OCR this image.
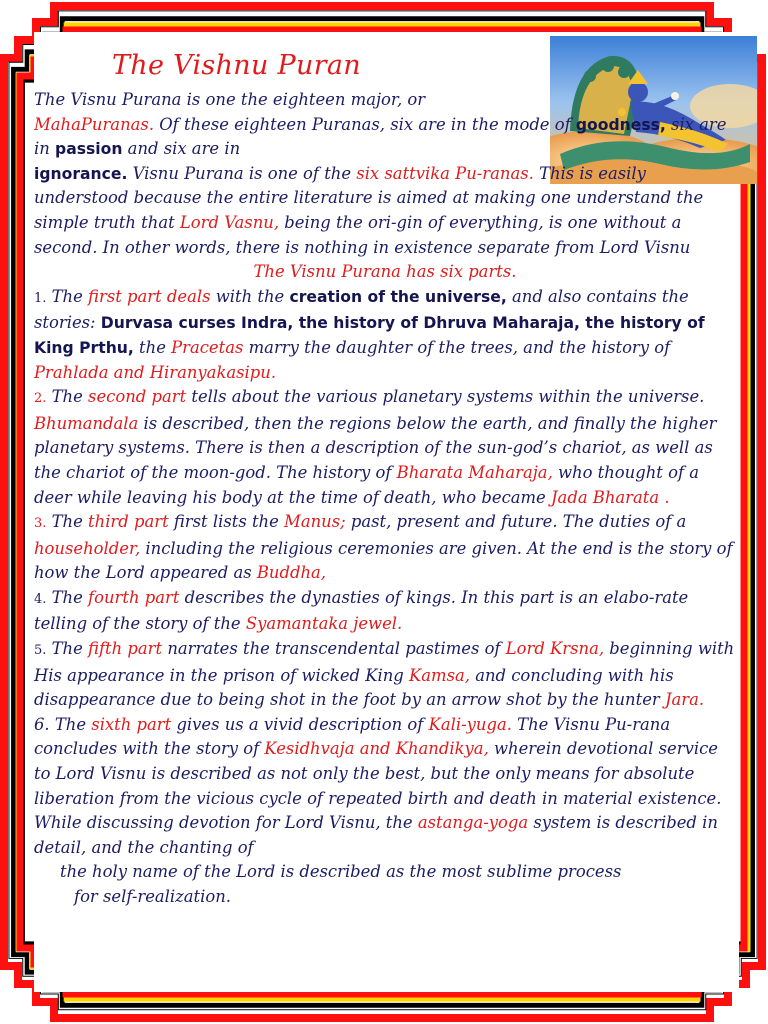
The Vishnu Puran

The Visnu Purana is one the eighteen major, or
MahaPuranas. Of these eighteen Puranas, six are in the mode of goodness, six are in passion and six are in
ignorance. Visnu Purana is one of the six sattvika Pu-ranas. This is easily understood because the entire literature is aimed at making one understand the simple truth that Lord Vasnu, being the ori-gin of everything, is one without a second. In other words, there is nothing in existence separate from Lord Visnu

The Visnu Purana has six parts.

1. The first part deals with the creation of the universe, and also contains the stories: Durvasa curses Indra, the history of Dhruva Maharaja, the history of King Prthu, the Pracetas marry the daughter of the trees, and the history of Prahlada and Hiranyakasipu.

2. The second part tells about the various planetary systems within the universe. Bhumandala is described, then the regions below the earth, and finally the higher planetary systems. There is then a description of the sun-god’s chariot, as well as the chariot of the moon-god. The history of Bharata Maharaja, who thought of a deer while leaving his body at the time of death, who became Jada Bharata .

3. The third part first lists the Manus; past, present and future. The duties of a householder, including the religious ceremonies are given. At the end is the story of how the Lord appeared as Buddha,

4. The fourth part describes the dynasties of kings. In this part is an elabo-rate telling of the story of the Syamantaka jewel.

5. The fifth part narrates the transcendental pastimes of Lord Krsna, beginning with His appearance in the prison of wicked King Kamsa, and concluding with his disappearance due to being shot in the foot by an arrow shot by the hunter Jara.

6. The sixth part gives us a vivid description of Kali-yuga. The Visnu Pu-rana concludes with the story of Kesidhvaja and Khandikya, wherein devotional service to Lord Visnu is described as not only the best, but the only means for absolute liberation from the vicious cycle of repeated birth and death in material existence. While discussing devotion for Lord Visnu, the astanga-yoga system is described in detail, and the chanting of

the holy name of the Lord is described as the most sublime process

for self-realization.
